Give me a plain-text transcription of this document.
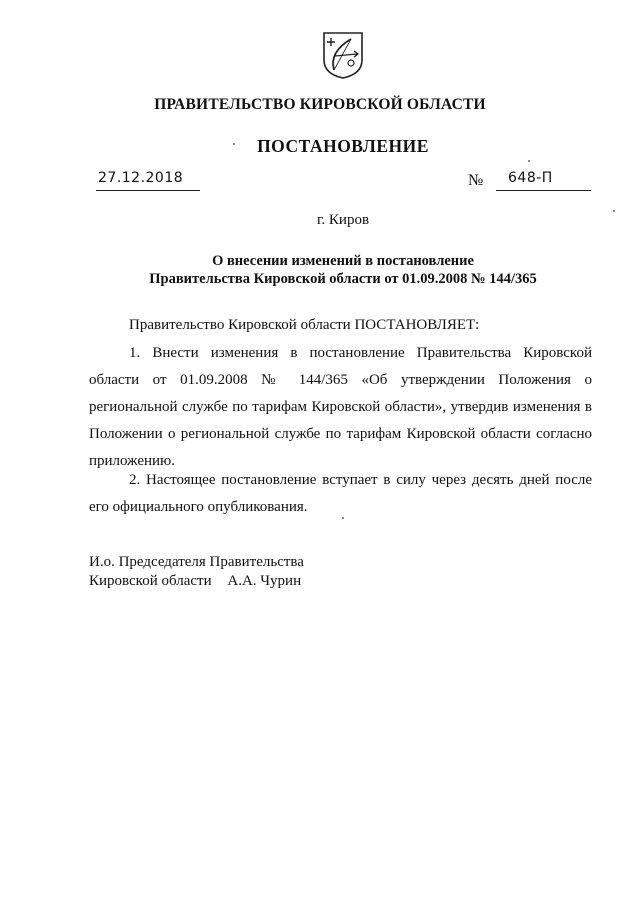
ПРАВИТЕЛЬСТВО КИРОВСКОЙ ОБЛАСТИ
ПОСТАНОВЛЕНИЕ
27.12.2018	№	648-П
г. Киров
О внесении изменений в постановление
Правительства Кировской области от 01.09.2008 № 144/365
Правительство Кировской области ПОСТАНОВЛЯЕТ:
1. Внести изменения в постановление Правительства Кировской области от 01.09.2008 № 144/365 «Об утверждении Положения о региональной службе по тарифам Кировской области», утвердив изменения в Положении о региональной службе по тарифам Кировской области согласно приложению.
2. Настоящее постановление вступает в силу через десять дней после его официального опубликования.
И.о. Председателя Правительства
Кировской области А.А. Чурин
